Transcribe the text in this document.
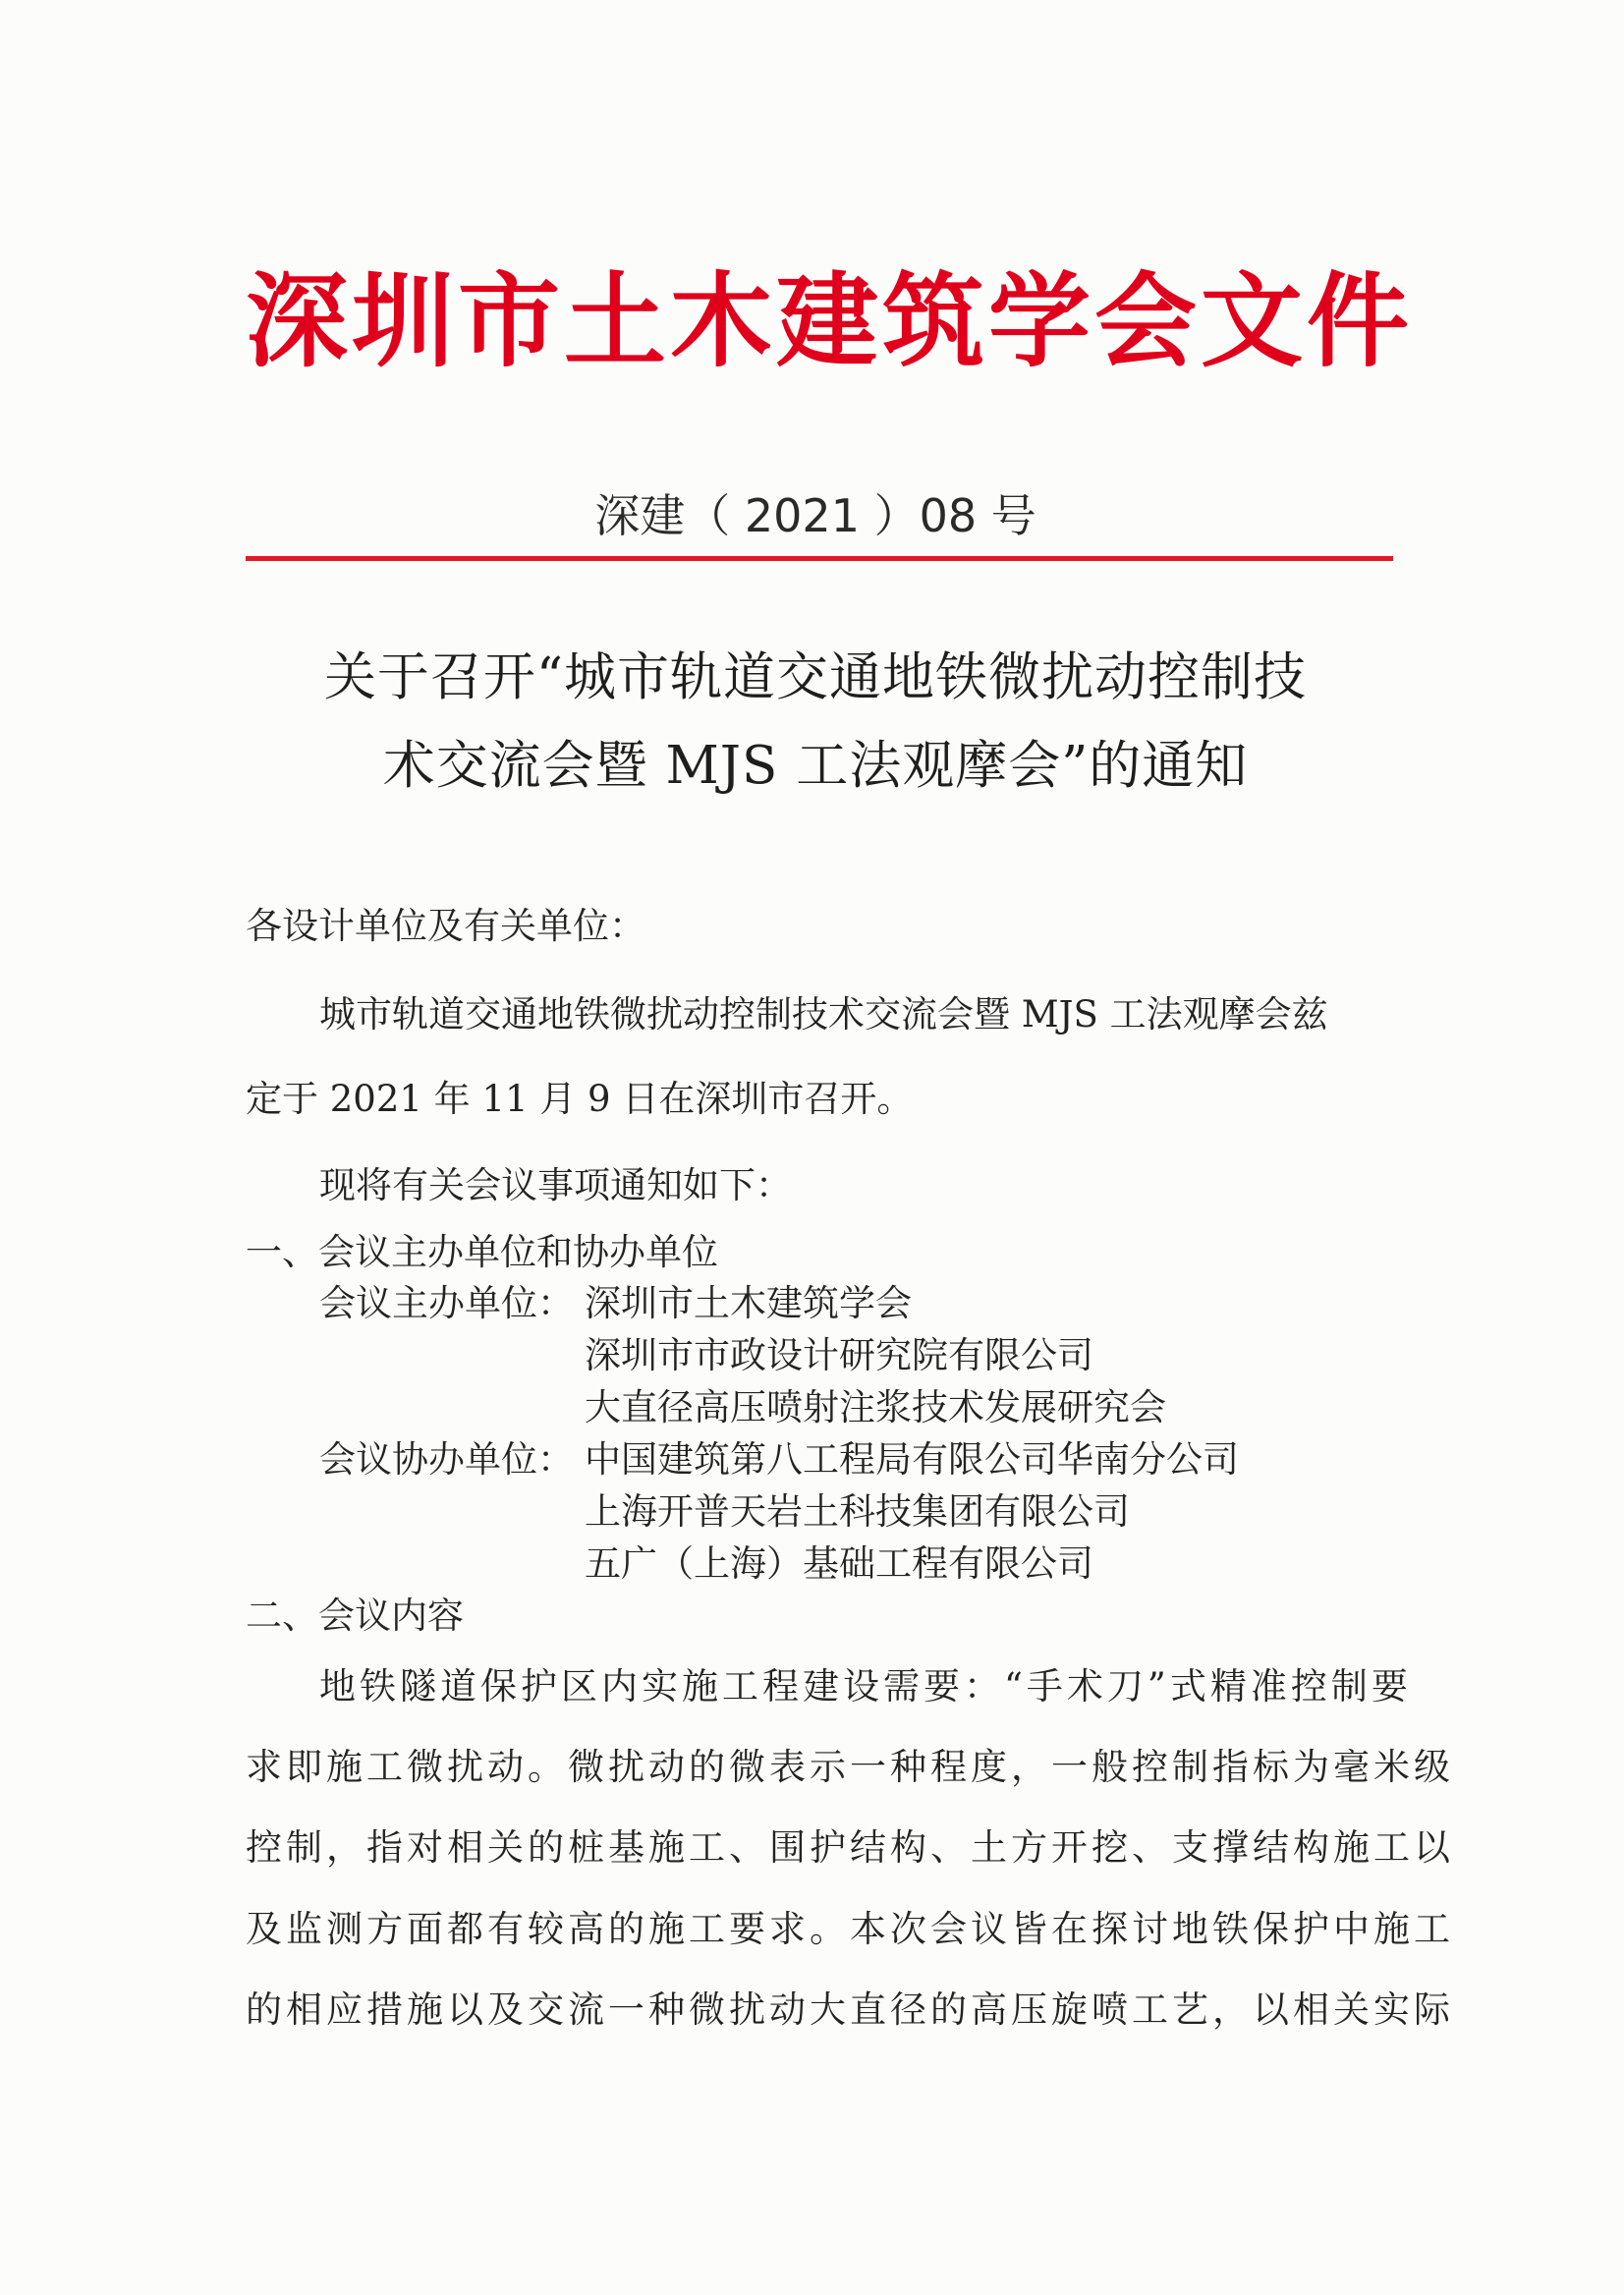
深圳市土木建筑学会文件
深建（ 2021 ）08 号
关于召开“城市轨道交通地铁微扰动控制技
术交流会暨 MJS 工法观摩会”的通知
各设计单位及有关单位：
城市轨道交通地铁微扰动控制技术交流会暨 MJS 工法观摩会兹
定于 2021 年 11 月 9 日在深圳市召开。
现将有关会议事项通知如下：
一、会议主办单位和协办单位
会议主办单位： 深圳市土木建筑学会
深圳市市政设计研究院有限公司
大直径高压喷射注浆技术发展研究会
会议协办单位： 中国建筑第八工程局有限公司华南分公司
上海开普天岩土科技集团有限公司
五广（上海）基础工程有限公司
二、会议内容
地铁隧道保护区内实施工程建设需要：“手术刀”式精准控制要
求即施工微扰动。微扰动的微表示一种程度，一般控制指标为毫米级
控制，指对相关的桩基施工、围护结构、土方开挖、支撑结构施工以
及监测方面都有较高的施工要求。本次会议皆在探讨地铁保护中施工
的相应措施以及交流一种微扰动大直径的高压旋喷工艺，以相关实际
